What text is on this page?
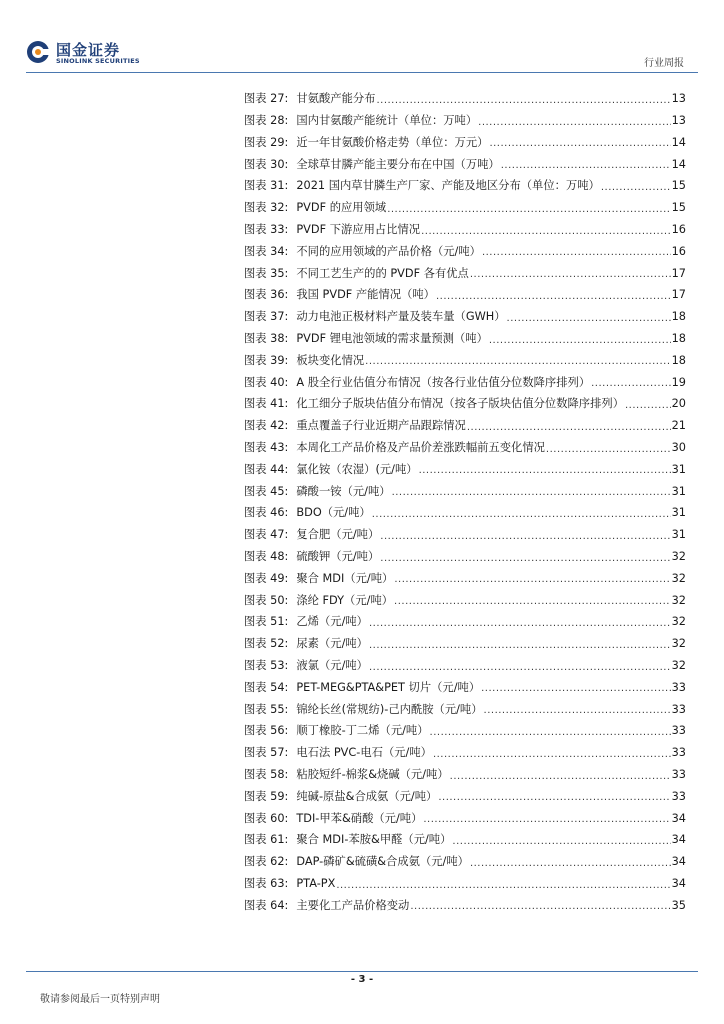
国金证券
SINOLINK SECURITIES	行业周报
图表 27: 甘氨酸产能分布 .....	13
图表 28: 国内甘氨酸产能统计（单位：万吨） .....	13
图表 29: 近一年甘氨酸价格走势（单位：万元） .....	14
图表 30: 全球草甘膦产能主要分布在中国（万吨） .....	14
图表 31: 2021 国内草甘膦生产厂家、产能及地区分布（单位：万吨） .....	15
图表 32: PVDF 的应用领域 .....	15
图表 33: PVDF 下游应用占比情况 .....	16
图表 34: 不同的应用领域的产品价格（元/吨） .....	16
图表 35: 不同工艺生产的的 PVDF 各有优点 .....	17
图表 36: 我国 PVDF 产能情况（吨） .....	17
图表 37: 动力电池正极材料产量及装车量（GWH） .....	18
图表 38: PVDF 锂电池领域的需求量预测（吨） .....	18
图表 39: 板块变化情况 .....	18
图表 40: A 股全行业估值分布情况（按各行业估值分位数降序排列） .....	19
图表 41: 化工细分子版块估值分布情况（按各子版块估值分位数降序排列） .....	20
图表 42: 重点覆盖子行业近期产品跟踪情况 .....	21
图表 43: 本周化工产品价格及产品价差涨跌幅前五变化情况 .....	30
图表 44: 氯化铵（农湿）(元/吨） .....	31
图表 45: 磷酸一铵（元/吨） .....	31
图表 46: BDO（元/吨） .....	31
图表 47: 复合肥（元/吨） .....	31
图表 48: 硫酸钾（元/吨） .....	32
图表 49: 聚合 MDI（元/吨） .....	32
图表 50: 涤纶 FDY（元/吨） .....	32
图表 51: 乙烯（元/吨） .....	32
图表 52: 尿素（元/吨） .....	32
图表 53: 液氯（元/吨） .....	32
图表 54: PET-MEG&PTA&PET 切片（元/吨） .....	33
图表 55: 锦纶长丝(常规纺)-己内酰胺（元/吨） .....	33
图表 56: 顺丁橡胶-丁二烯（元/吨） .....	33
图表 57: 电石法 PVC-电石（元/吨） .....	33
图表 58: 粘胶短纤-棉浆&烧碱（元/吨） .....	33
图表 59: 纯碱-原盐&合成氨（元/吨） .....	33
图表 60: TDI-甲苯&硝酸（元/吨） .....	34
图表 61: 聚合 MDI-苯胺&甲醛（元/吨） .....	34
图表 62: DAP-磷矿&硫磺&合成氨（元/吨） .....	34
图表 63: PTA-PX .....	34
图表 64: 主要化工产品价格变动 .....	35
- 3 -
敬请参阅最后一页特别声明
